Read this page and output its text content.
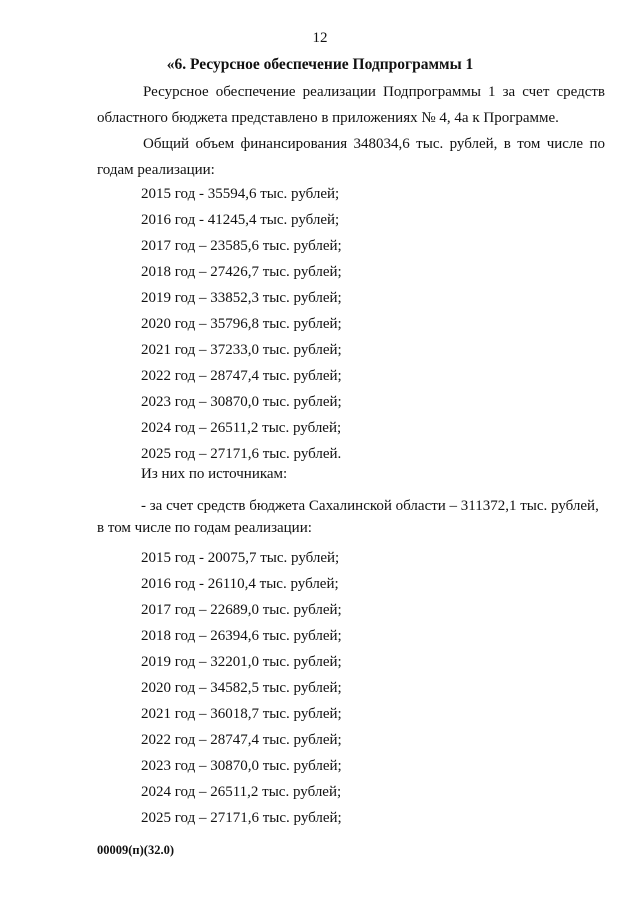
12
«6. Ресурсное обеспечение Подпрограммы 1
Ресурсное обеспечение реализации Подпрограммы 1 за счет средств областного бюджета представлено в приложениях № 4, 4а к Программе.
Общий объем финансирования 348034,6 тыс. рублей, в том числе по годам реализации:
2015 год - 35594,6 тыс. рублей;
2016 год - 41245,4 тыс. рублей;
2017 год – 23585,6 тыс. рублей;
2018 год – 27426,7 тыс. рублей;
2019 год – 33852,3 тыс. рублей;
2020 год – 35796,8 тыс. рублей;
2021 год – 37233,0 тыс. рублей;
2022 год – 28747,4 тыс. рублей;
2023 год – 30870,0 тыс. рублей;
2024 год – 26511,2 тыс. рублей;
2025 год – 27171,6 тыс. рублей.
Из них по источникам:
- за счет средств бюджета Сахалинской области – 311372,1 тыс. рублей,
в том числе по годам реализации:
2015 год - 20075,7 тыс. рублей;
2016 год - 26110,4 тыс. рублей;
2017 год – 22689,0 тыс. рублей;
2018 год – 26394,6 тыс. рублей;
2019 год – 32201,0 тыс. рублей;
2020 год – 34582,5 тыс. рублей;
2021 год – 36018,7 тыс. рублей;
2022 год – 28747,4 тыс. рублей;
2023 год – 30870,0 тыс. рублей;
2024 год – 26511,2 тыс. рублей;
2025 год – 27171,6 тыс. рублей;
00009(п)(32.0)
